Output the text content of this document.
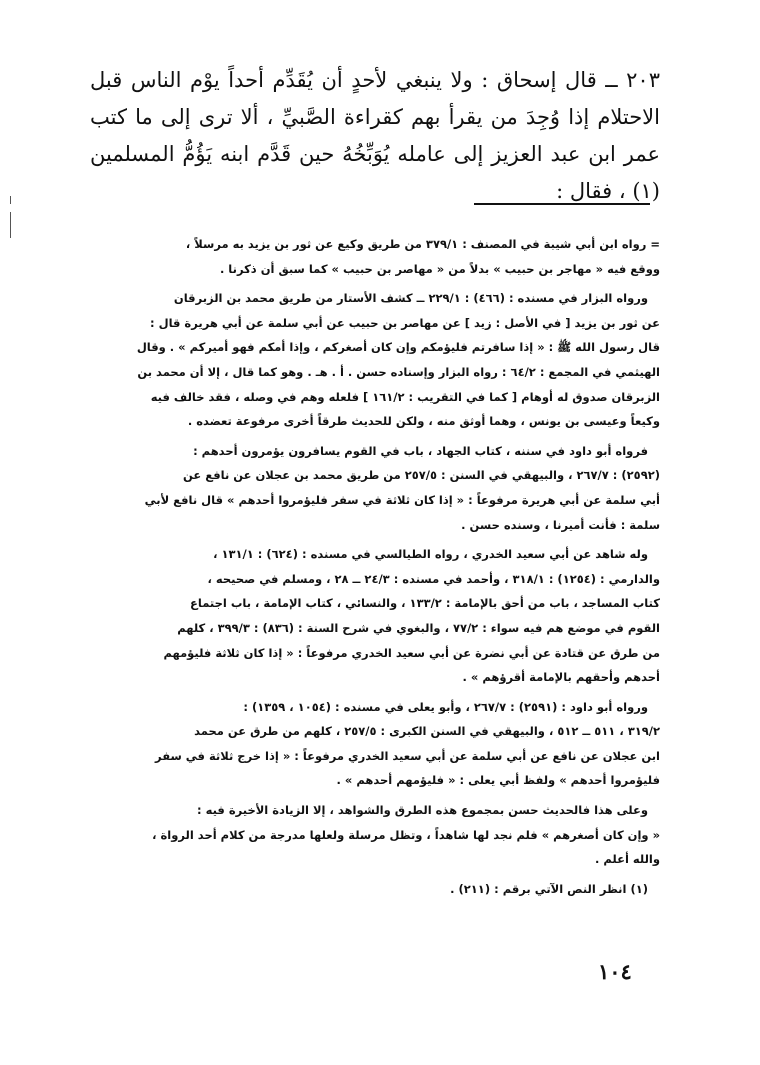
٢٠٣ ــ قال إسحاق : ولا ينبغي لأحدٍ أن يُقَدِّم أحداً يوْم الناس قبل الاحتلام إذا وُجِدَ من يقرأ بهم كقراءة الصَّبيِّ ، ألا ترى إلى ما كتب عمر ابن عبد العزيز إلى عامله يُوَبِّخُهُ حين قَدَّم ابنه يَؤُمُّ المسلمين (١) ، فقال :

= رواه ابن أبي شيبة في المصنف : ٣٧٩/١ من طريق وكيع عن ثور بن يزيد به مرسلاً ،

ووقع فيه « مهاجر بن حبيب » بدلاً من « مهاصر بن حبيب » كما سبق أن ذكرنا .

ورواه البزار في مسنده : (٤٦٦) : ٢٢٩/١ ــ كشف الأستار من طريق محمد بن الزبرقان

عن ثور بن يزيد [ في الأصل : زيد ] عن مهاصر بن حبيب عن أبي سلمة عن أبي هريرة قال :

قال رسول الله ﷺ : « إذا سافرتم فليؤمكم وإن كان أصغركم ، وإذا أمكم فهو أميركم » . وقال

الهيثمي في المجمع : ٦٤/٢ : رواه البزار وإسناده حسن . أ . هـ . وهو كما قال ، إلا أن محمد بن

الزبرقان صدوق له أوهام [ كما في التقريب : ١٦١/٢ ] فلعله وهم في وصله ، فقد خالف فيه

وكيعاً وعيسى بن يونس ، وهما أوثق منه ، ولكن للحديث طرقاً أخرى مرفوعة تعضده .

فرواه أبو داود في سننه ، كتاب الجهاد ، باب في القوم يسافرون يؤمرون أحدهم :

(٢٥٩٢) : ٢٦٧/٧ ، والبيهقي في السنن : ٢٥٧/٥ من طريق محمد بن عجلان عن نافع عن

أبي سلمة عن أبي هريرة مرفوعاً : « إذا كان ثلاثة في سفر فليؤمروا أحدهم » قال نافع لأبي

سلمة : فأنت أميرنا ، وسنده حسن .

وله شاهد عن أبي سعيد الخدري ، رواه الطيالسي في مسنده : (٦٢٤) : ١٣١/١ ،

والدارمي : (١٢٥٤) : ٣١٨/١ ، وأحمد في مسنده : ٢٤/٣ ــ ٢٨ ، ومسلم في صحيحه ،

كتاب المساجد ، باب من أحق بالإمامة : ١٣٣/٢ ، والنسائي ، كتاب الإمامة ، باب اجتماع

القوم في موضع هم فيه سواء : ٧٧/٢ ، والبغوي في شرح السنة : (٨٣٦) : ٣٩٩/٣ ، كلهم

من طرق عن قتادة عن أبي نضرة عن أبي سعيد الخدري مرفوعاً : « إذا كان ثلاثة فليؤمهم

أحدهم وأحقهم بالإمامة أقرؤهم » .

ورواه أبو داود : (٢٥٩١) : ٢٦٧/٧ ، وأبو يعلى في مسنده : (١٠٥٤ ، ١٣٥٩) :

٣١٩/٢ ، ٥١١ ــ ٥١٢ ، والبيهقي في السنن الكبرى : ٢٥٧/٥ ، كلهم من طرق عن محمد

ابن عجلان عن نافع عن أبي سلمة عن أبي سعيد الخدري مرفوعاً : « إذا خرج ثلاثة في سفر

فليؤمروا أحدهم » ولفظ أبي يعلى : « فليؤمهم أحدهم » .

وعلى هذا فالحديث حسن بمجموع هذه الطرق والشواهد ، إلا الزيادة الأخيرة فيه :

« وإن كان أصغرهم » فلم نجد لها شاهداً ، وتظل مرسلة ولعلها مدرجة من كلام أحد الرواة ،

والله أعلم .

(١) انظر النص الآتي برقم : (٢١١) .

١٠٤
